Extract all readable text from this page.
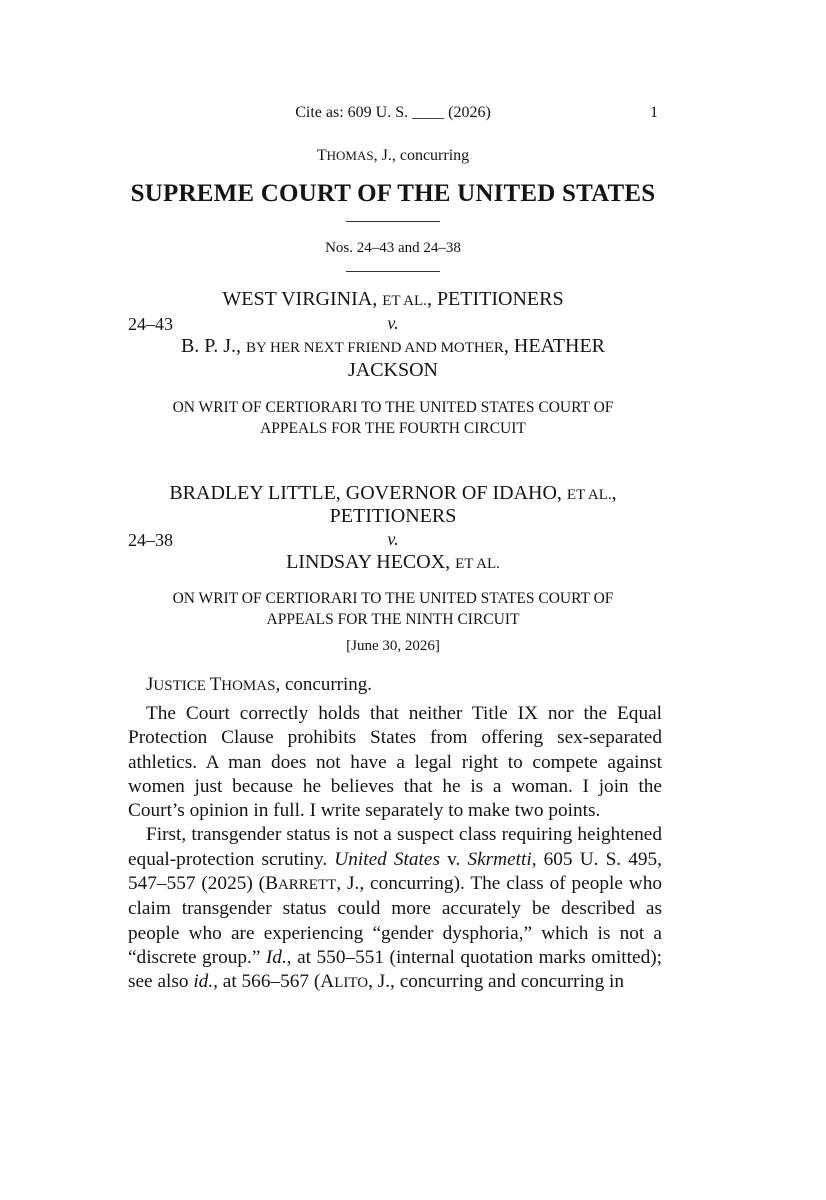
Cite as: 609 U. S. ____ (2026)	1
THOMAS, J., concurring
SUPREME COURT OF THE UNITED STATES
Nos. 24–43 and 24–38
WEST VIRGINIA, ET AL., PETITIONERS
24–43	v.
B. P. J., BY HER NEXT FRIEND AND MOTHER, HEATHER
JACKSON
ON WRIT OF CERTIORARI TO THE UNITED STATES COURT OF
APPEALS FOR THE FOURTH CIRCUIT
BRADLEY LITTLE, GOVERNOR OF IDAHO, ET AL.,
PETITIONERS
24–38	v.
LINDSAY HECOX, ET AL.
ON WRIT OF CERTIORARI TO THE UNITED STATES COURT OF
APPEALS FOR THE NINTH CIRCUIT
[June 30, 2026]
JUSTICE THOMAS, concurring.

The Court correctly holds that neither Title IX nor the Equal Protection Clause prohibits States from offering sex-separated athletics. A man does not have a legal right to compete against women just because he believes that he is a woman. I join the Court’s opinion in full. I write separately to make two points.

First, transgender status is not a suspect class requiring heightened equal-protection scrutiny. United States v. Skrmetti, 605 U. S. 495, 547–557 (2025) (BARRETT, J., concurring). The class of people who claim transgender status could more accurately be described as people who are experiencing “gender dysphoria,” which is not a “discrete group.” Id., at 550–551 (internal quotation marks omitted); see also id., at 566–567 (ALITO, J., concurring and concurring in
